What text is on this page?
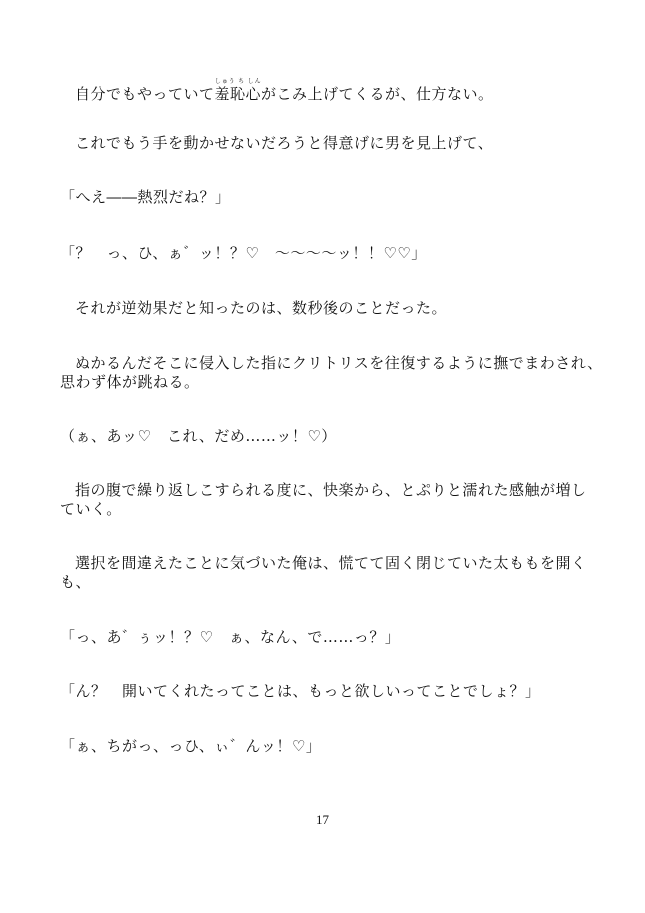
自分でもやっていて羞恥心しゅう ち しんがこみ上げてくるが、仕方ない。
これでもう手を動かせないだろうと得意げに男を見上げて、
「へえ――熱烈だね？」
「？　っ、ひ、ぁ゛ッ！？♡　〜〜〜〜ッ！！♡♡」
それが逆効果だと知ったのは、数秒後のことだった。
ぬかるんだそこに侵入した指にクリトリスを往復するように撫でまわされ、
思わず体が跳ねる。
（ぁ、あッ♡　これ、だめ……ッ！♡）
指の腹で繰り返しこすられる度に、快楽から、とぷりと濡れた感触が増し
ていく。
選択を間違えたことに気づいた俺は、慌てて固く閉じていた太ももを開く
も、
「っ、あ゛ぅッ！？♡　ぁ、なん、で……っ？」
「ん？　開いてくれたってことは、もっと欲しいってことでしょ？」
「ぁ、ちがっ、っひ、ぃ゛んッ！♡」
17
